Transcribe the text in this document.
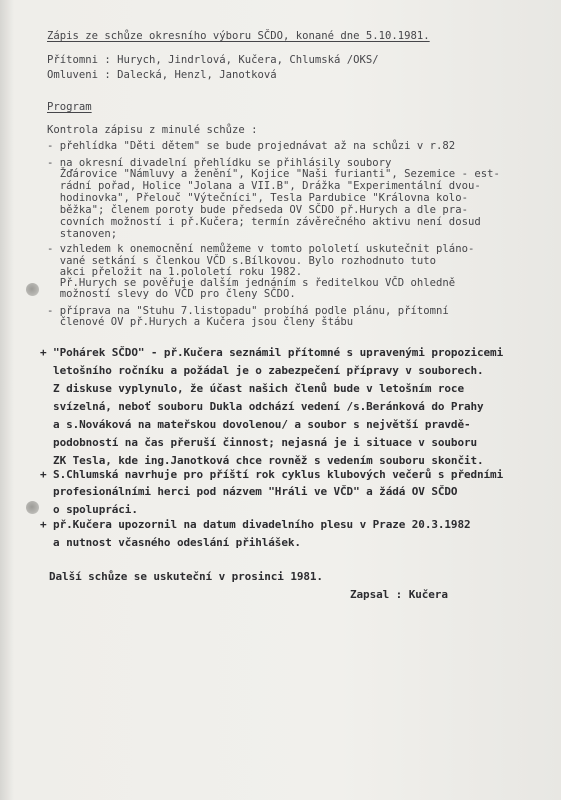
Zápis ze schůze okresního výboru SČDO, konané dne 5.10.1981.
Přítomni : Hurych, Jindrlová, Kučera, Chlumská /OKS/
Omluveni : Dalecká, Henzl, Janotková
Program
Kontrola zápisu z minulé schůze :
- přehlídka "Děti dětem" se bude projednávat až na schůzi v r.82
- na okresní divadelní přehlídku se přihlásily soubory
Žďárovice "Námluvy a ženění", Kojice "Naši furianti", Sezemice - est-
rádní pořad, Holice "Jolana a VII.B", Drážka "Experimentální dvou-
hodinovka", Přelouč "Výtečníci", Tesla Pardubice "Královna kolo-
běžka"; členem poroty bude předseda OV SČDO př.Hurych a dle pra-
covních možností i př.Kučera; termín závěrečného aktivu není dosud
stanoven;
- vzhledem k onemocnění nemůžeme v tomto pololetí uskutečnit pláno-
vané setkání s členkou VČD s.Bílkovou. Bylo rozhodnuto tuto
akci přeložit na 1.pololetí roku 1982.
Př.Hurych se pověřuje dalším jednáním s ředitelkou VČD ohledně
možností slevy do VČD pro členy SČDO.
- příprava na "Stuhu 7.listopadu" probíhá podle plánu, přítomní
členové OV př.Hurych a Kučera jsou členy štábu
+ "Pohárek SČDO" - př.Kučera seznámil přítomné s upravenými propozicemi
letošního ročníku a požádal je o zabezpečení přípravy v souborech.
Z diskuse vyplynulo, že účast našich členů bude v letošním roce
svízelná, neboť souboru Dukla odchází vedení /s.Beránková do Prahy
a s.Nováková na mateřskou dovolenou/ a soubor s největší pravdě-
podobností na čas přeruší činnost; nejasná je i situace v souboru
ZK Tesla, kde ing.Janotková chce rovněž s vedením souboru skončit.
+ S.Chlumská navrhuje pro příští rok cyklus klubových večerů s předními
profesionálními herci pod názvem "Hráli ve VČD" a žádá OV SČDO
o spolupráci.
+ př.Kučera upozornil na datum divadelního plesu v Praze 20.3.1982
a nutnost včasného odeslání přihlášek.
Další schůze se uskuteční v prosinci 1981.
Zapsal : Kučera
